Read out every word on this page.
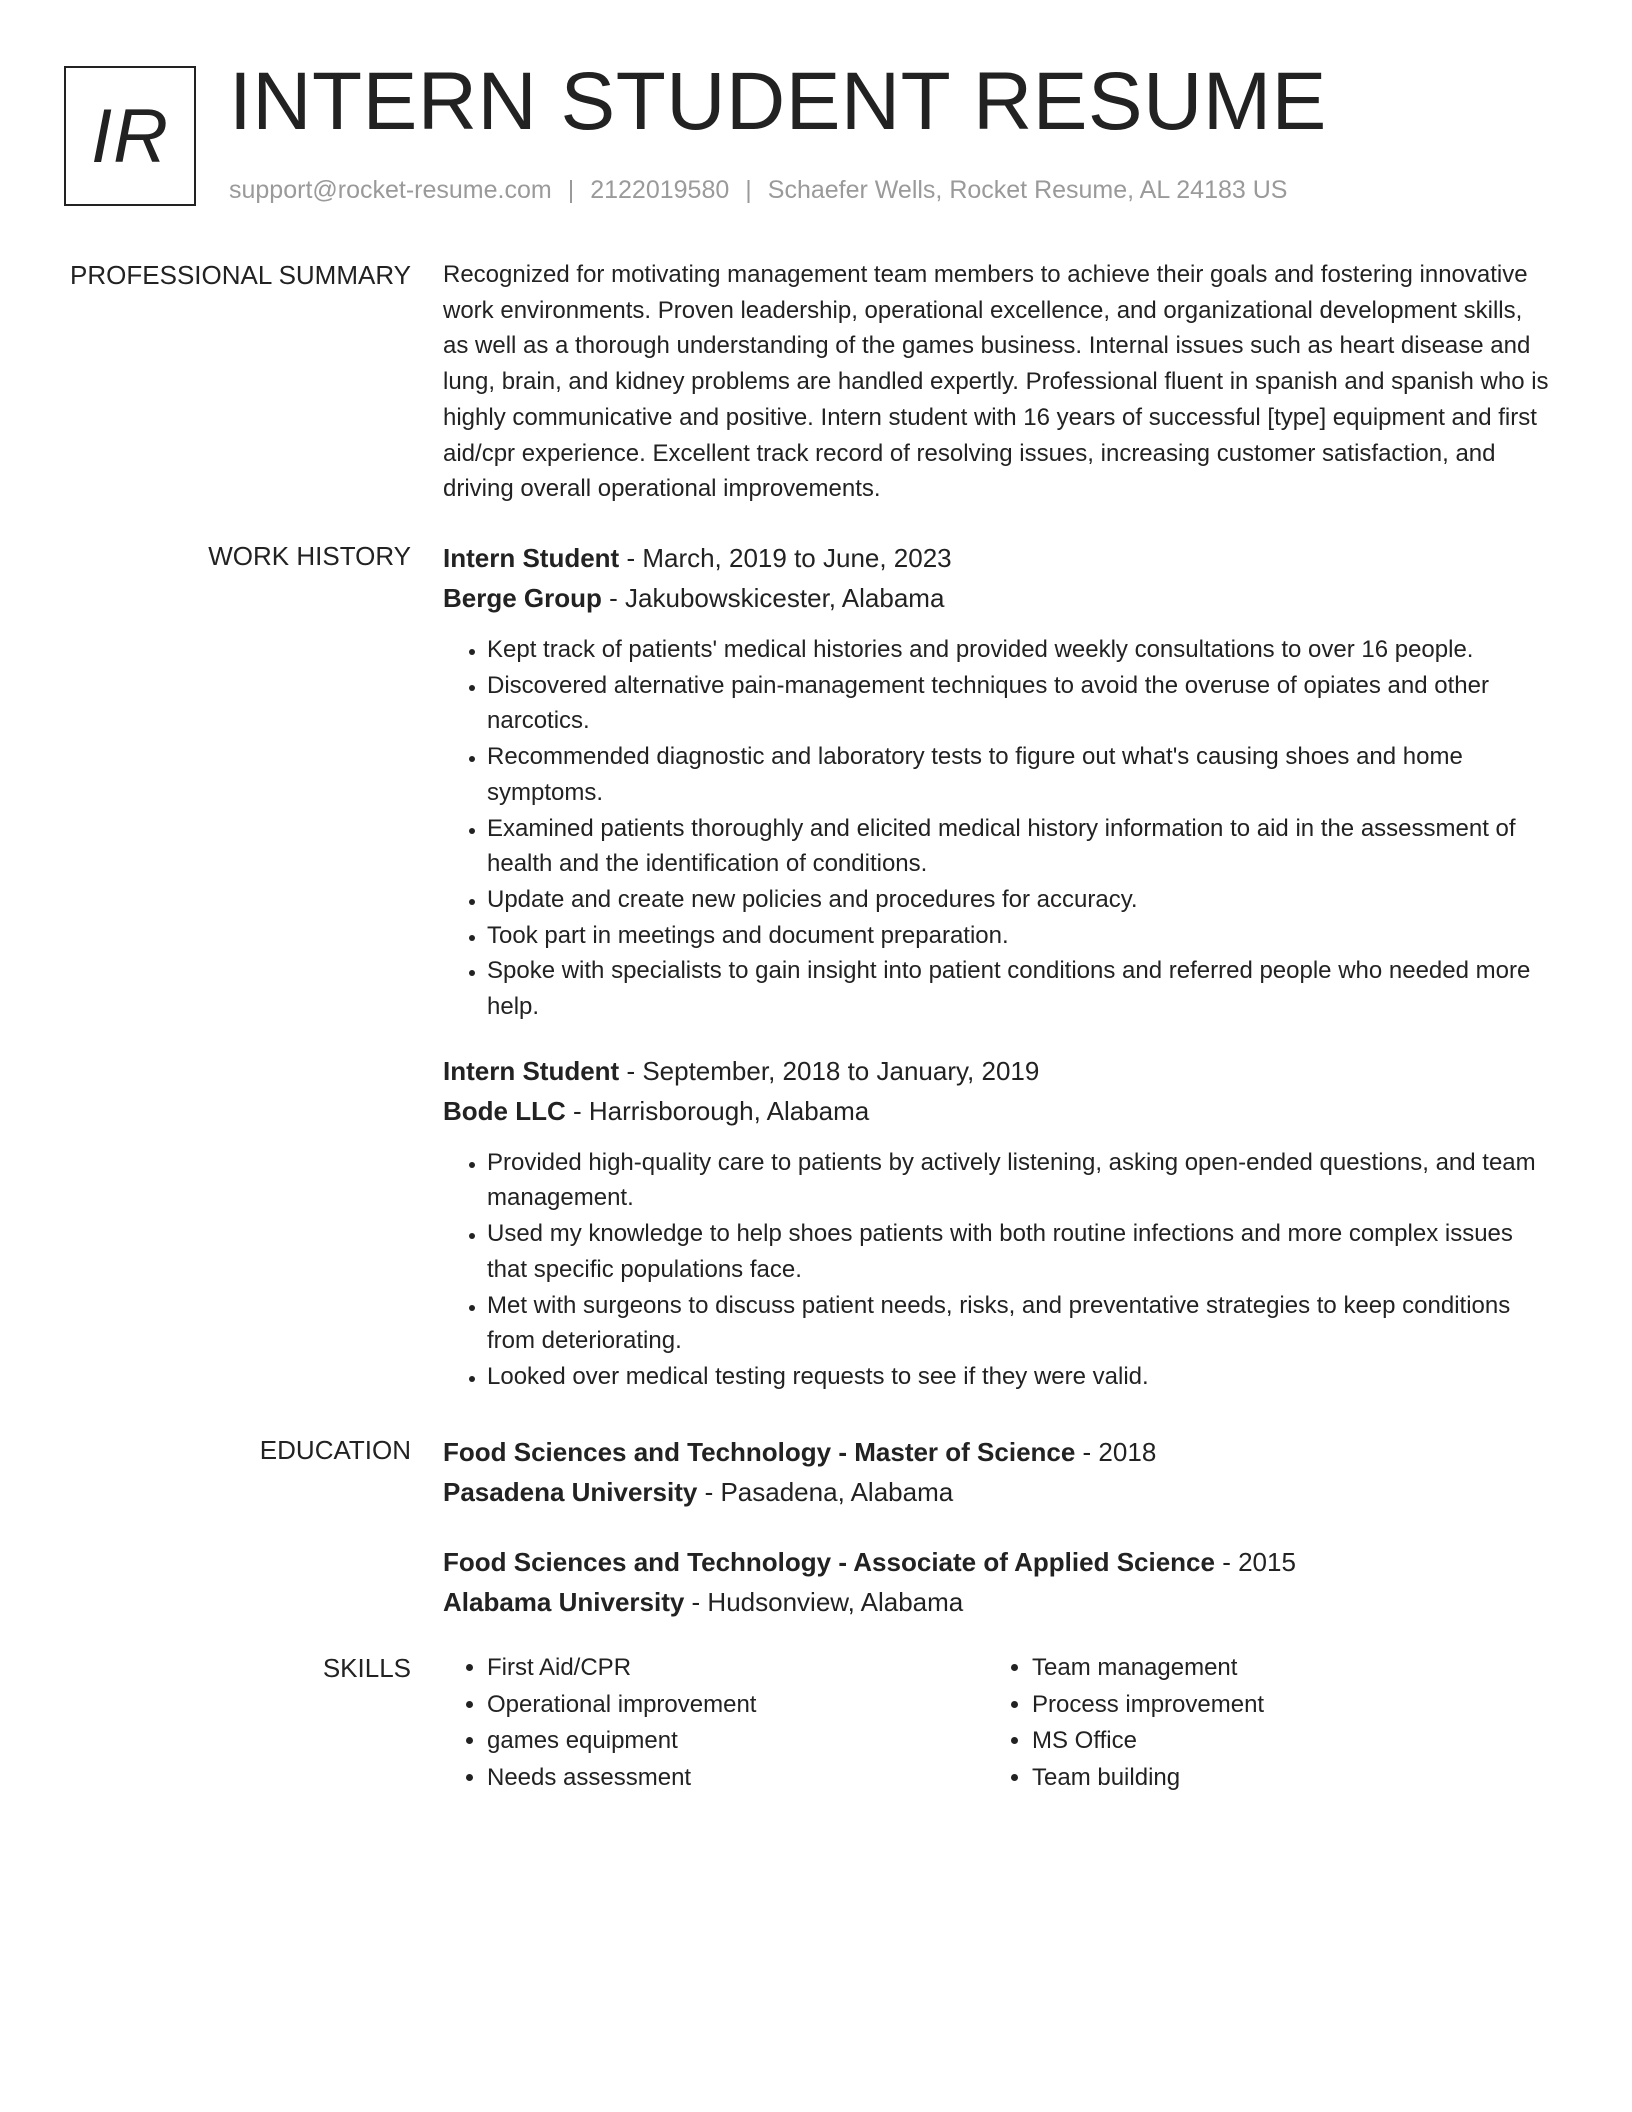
IR INTERN STUDENT RESUME
support@rocket-resume.com | 2122019580 | Schaefer Wells, Rocket Resume, AL 24183 US
PROFESSIONAL SUMMARY Recognized for motivating management team members to achieve their goals and fostering innovative work environments. Proven leadership, operational excellence, and organizational development skills, as well as a thorough understanding of the games business. Internal issues such as heart disease and lung, brain, and kidney problems are handled expertly. Professional fluent in spanish and spanish who is highly communicative and positive. Intern student with 16 years of successful [type] equipment and first aid/cpr experience. Excellent track record of resolving issues, increasing customer satisfaction, and driving overall operational improvements.

WORK HISTORY Intern Student - March, 2019 to June, 2023
Berge Group - Jakubowskicester, Alabama
• Kept track of patients' medical histories and provided weekly consultations to over 16 people.
• Discovered alternative pain-management techniques to avoid the overuse of opiates and other narcotics.
• Recommended diagnostic and laboratory tests to figure out what's causing shoes and home symptoms.
• Examined patients thoroughly and elicited medical history information to aid in the assessment of health and the identification of conditions.
• Update and create new policies and procedures for accuracy.
• Took part in meetings and document preparation.
• Spoke with specialists to gain insight into patient conditions and referred people who needed more help.
Intern Student - September, 2018 to January, 2019
Bode LLC - Harrisborough, Alabama
• Provided high-quality care to patients by actively listening, asking open-ended questions, and team management.
• Used my knowledge to help shoes patients with both routine infections and more complex issues that specific populations face.
• Met with surgeons to discuss patient needs, risks, and preventative strategies to keep conditions from deteriorating.
• Looked over medical testing requests to see if they were valid.
EDUCATION Food Sciences and Technology - Master of Science - 2018
Pasadena University - Pasadena, Alabama
Food Sciences and Technology - Associate of Applied Science - 2015
Alabama University - Hudsonview, Alabama
SKILLS
•	First Aid/CPR
• Operational improvement
• games equipment
• Needs assessment
• Team management
• Process improvement
• MS Office
• Team building
